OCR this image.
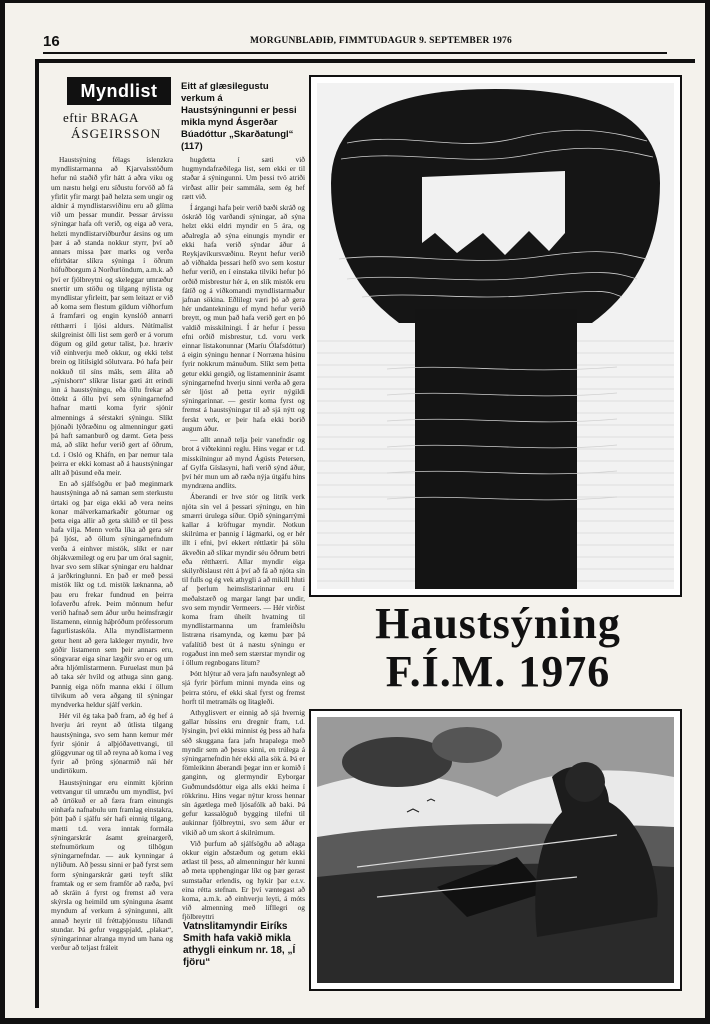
16	MORGUNBLAÐIÐ, FIMMTUDAGUR 9. SEPTEMBER 1976
Myndlist
eftir BRAGA
ÁSGEIRSSON
Eitt af glæsilegustu verkum á Haustsýningunni er þessi mikla mynd Ásgerðar Búadóttur „Skarðatungl“ (117)

Haustsýning félags íslenzkra myndlistarmanna að Kjarvalsstöðum hefur nú staðið yfir hátt á aðra viku og um næstu helgi eru síðustu forvöð að fá yfirlit yfir margt það helzta sem ungir og aldnir á myndlistarsviðinu eru að glíma við um þessar mundir. Þessar árvissu sýningar hafa oft verið, og eiga að vera, helzti myndlistarviðburður ársins og um þær á að standa nokkur styrr, því að annars missa þær marks og verða eftirbátar slíkra sýninga í öðrum höfuðborgum á Norðurlöndum, a.m.k. að því er fjölbreytni og skeleggar umræður snertir um stöðu og tilgang nýlista og myndlistar yfirleitt, þar sem leitazt er við að koma sem flestum gildum viðhorfum á framfæri og engin kynslóð annarri rétthærri í ljósi aldurs. Nútímalist skilgreinist ölli list sem gerð er á vorum dögum og gild getur talist, þ.e. hræriv við einhverju með okkur, og ekki telst brein og lítilsigld sölutvara. Þó hafa þeir nokkuð til síns máls, sem álíta að „sýnishorn“ slíkrar listar gæti átt erindi inn á haustsýningu, eða öllu frekar að öttekt á öllu því sem sýningarnefnd hafnar mætti koma fyrir sjónir almennings á sérstakri sýningu. Slíkt þjónaði lýðræðinu og almenningur gæti þá haft samanburð og dæmt. Geta þess má, að slíkt hefur verið gert af öðrum, t.d. í Osló og Kháfn, en þar nemur tala þeirra er ekki komast að á haustsýningar allt að þúsund eða meir.

En að sjálfsögðu er það meginmark haustsýninga að ná saman sem sterkustu úrtaki og þar eiga ekki að vera neins konar málverkamarkaðir göturnar og þetta eiga allir að geta skilið er til þess hafa vilja. Menn verða líka að gera sér þá ljóst, að öllum sýningarnefndum verða á einhver mistök, slíkt er nær óhjákvæmilegt og eru þar um óral sagnir, hvar svo sem slíkar sýningar eru haldnar á jarðkringlunni. En það er með þessi mistök líkt og t.d. mistök læknanna, að þau eru frekar fundnud en þeirra lofaverðu afrek. Þeim mönnum hefur verið hafnað sem áður urðu heimsfrægir listamenn, einnig háþróðum prófessorum fagurlistaskóla. Alla myndlistarmenn getur hent að gera lakleger myndir, hve góðir listamenn sem þeir annars eru, söngvarar eiga sínar lægðir svo er og um aðra hljómlistarmenn. Furuelast mun þá að taka sér hvíld og athuga sinn gang. Þannig eiga nöfn manna ekki í öllum tilvikum að vera aðgang til sýningar myndverka heldur sjálf verkin.

Hér vil ég taka það fram, að ég hef á hverju ári reynt að útlista tilgang haustsýninga, svo sem hann kemur mér fyrir sjónir á alþjóðavettvangi, til glöggvunar og til að reyna að koma í veg fyrir að þröng sjónarmið nái hér undirtökum.

Haustsýningar eru einmitt kjörinn vettvangur til umræðu um myndlist, því að úrtökuð er að færa fram einungis einhæfa nafnabulu um framlag einstakra, þótt það í sjálfu sér hafi einnig tilgang, mætti t.d. vera inntak formála sýningarskrár ásamt greinargerð, stefnumörkum og tilhögun sýningarnefndar. — auk kynningar á nýliðum. Að þessu sinni er það fyrst sem form sýningarskrár gæti teyft slíkt framtak og er sem framför að ræða, því að skráin á fyrst og fremst að vera skýrsla og heimild um sýninguna ásamt myndum af verkum á sýningunni, allt annað heyrir til fréttaþjónustu líðandi stundar. Þá gefur veggspjald, „plakat“, sýningarinnar alranga mynd um hana og verður að teljast fráleit

hugdetta í sæti við hugmyndafræðilega list, sem ekki er til staðar á sýningunni. Um þessi tvö atriði virðast allir þeir sammála, sem ég hef rætt við.

Í árgangi hafa þeir verið bæði skráð og óskráð lög varðandi sýningar, að sýna helzt ekki eldri myndir en 5 ára, og aðalregla að sýna einungis myndir er ekki hafa verið sýndar áður á Reykjavíkursvæðinu. Reynt hefur verið að viðhalda þessari hefð svo sem kostur hefur verið, en í einstaka tilviki hefur þó orðið misbrestur hér á, en slík mistök eru fátíð og á viðkomandi myndlistarmaður jafnan sökina. Eðlilegt væri þó að gera hér undantekningu ef mynd hefur verið breytt, og mun það hafa verið gert en þó valdið misskilningi. Í ár hefur í þessu efni orðið misbrestur, t.d. voru verk einnar listakonunnar (Maríu Ólafsdóttur) á eigin sýningu hennar í Norræna húsinu fyrir nokkrum mánuðum. Slíkt sem þetta getur ekki gengið, og listamenninir ásamt sýningarnefnd hverju sinni verða að gera sér ljóst að þetta eyrir nýgildi sýningarinnar. — gestir koma fyrst og fremst á haustsýningar til að sjá nýtt og ferskt verk, er þeir hafa ekki borið augum áður.

— allt annað telja þeir vanefndir og brot á viðtekinni reglu. Hins vegar er t.d. misskilningur að mynd Ágústs Petersen, af Gylfa Gíslasyni, hafi verið sýnd áður, því hér mun um að ræða nýja útgáfu hins myndræna andlits.

Áberandi er hve stór og litrík verk njóta sín vel á þessari sýningu, en hin smærri úrulega síður. Opið sýningarrými kallar á kröftugar myndir. Notkun skilrúma er þannig í lágmarki, og er hér illt í efni, því ekkert réttlætir þá sölu ákveðin að slíkar myndir séu öðrum betri eða rétthærri. Allar myndir eiga skilyrðislaust rétt á því að fá að njóta sín til fulls og ég vek athygli á að mikill hluti af þerlum heimslistarinnar eru í meðalstærð og margar langt þar undir, svo sem myndir Vermeers. — Hér virðist koma fram úheilt hvatning til myndlistarmanna um framleiðslu listræna risamynda, og kæmu þær þá vafalítið best út á næstu sýningu er rogaðust inn með sem stærstar myndir og í öllum regnbogans litum?

Þótt hlýtur að vera jafn nauðsynlegt að sjá fyrir þörfum minni mynda eins og þeirra stóru, ef ekki skal fyrst og fremst horft til metramáls og litagleði.

Athyglisvert er einnig að sjá hvernig gallar hússins eru dregnir fram, t.d. lýsingin, því ekki minnist ég þess að hafa séð skuggana fara jafn hrapalega með myndir sem að þessu sinni, en trúlega á sýningarnefndin hér ekki alla sök á. Þá er fömleikinn áberandi þegar inn er komið í ganginn, og glermyndir Eyborgar Guðmundsdóttur eiga alls ekki heima í rökkrinu. Hins vegar nýtur kross hennar sín ágætlega með ljósafólk að baki. Þá gefur kassalöguð bygging tilefni til aukinnar fjölbreytni, svo sem áður er vikið að um skort á skilrúmum.

Við þurfum að sjálfsögðu að aðlaga okkur eigin aðstæðum og getum ekki ætlast til þess, að almenningur hér kunni að meta upphengingar líkt og þær gerast sumstaðar erlendis, og hykir þar e.t.v. eina rétta stefnan. Er því væntegast að koma, a.m.k. að einhverju leyti, á móts við almenning með lífllegri og fjölbreyttri

Haustsýning
F.Í.M. 1976
Vatnslitamyndir Eiríks Smith hafa vakið mikla athygli einkum nr. 18, „Í fjöru“
